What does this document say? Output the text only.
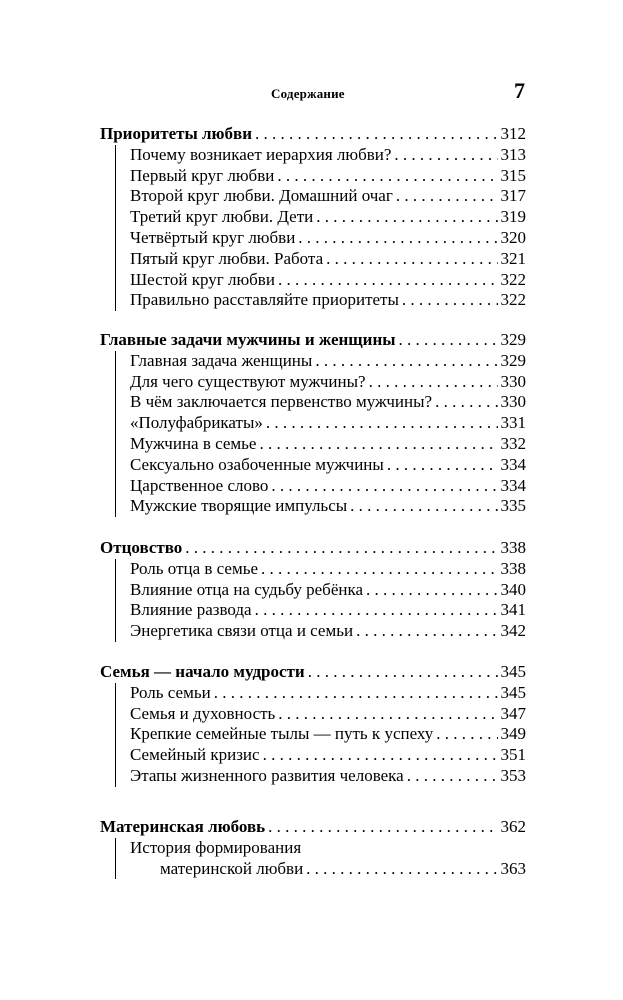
Содержание	7
Приоритеты любви . . .	312
Почему возникает иерархия любви? . . .	313
Первый круг любви . . .	315
Второй круг любви. Домашний очаг . . .	317
Третий круг любви. Дети . . .	319
Четвёртый круг любви . . .	320
Пятый круг любви. Работа . . .	321
Шестой круг любви . . .	322
Правильно расставляйте приоритеты . . .	322
Главные задачи мужчины и женщины . . .	329
Главная задача женщины . . .	329
Для чего существуют мужчины? . . .	330
В чём заключается первенство мужчины? . . .	330
«Полуфабрикаты» . . .	331
Мужчина в семье . . .	332
Сексуально озабоченные мужчины . . .	334
Царственное слово . . .	334
Мужские творящие импульсы . . .	335
Отцовство . . .	338
Роль отца в семье . . .	338
Влияние отца на судьбу ребёнка . . .	340
Влияние развода . . .	341
Энергетика связи отца и семьи . . .	342
Семья — начало мудрости . . .	345
Роль семьи . . .	345
Семья и духовность . . .	347
Крепкие семейные тылы — путь к успеху . . .	349
Семейный кризис . . .	351
Этапы жизненного развития человека . . .	353
Материнская любовь . . .	362
История формирования
материнской любви . . .	363
